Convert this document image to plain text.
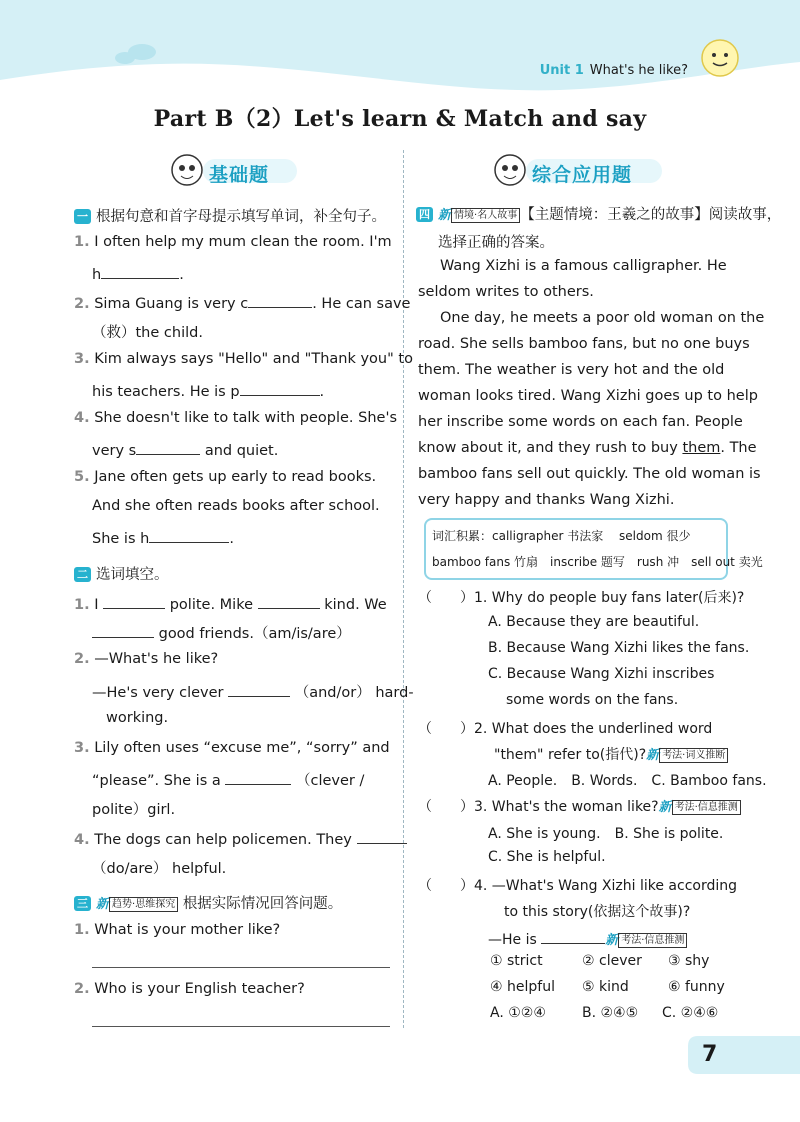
Unit 1 What's he like?
Part B（2）Let's learn & Match and say
基础题
一 根据句意和首字母提示填写单词，补全句子。
1. I often help my mum clean the room. I'm
h	.
2. Sima Guang is very c	. He can save
（救）the child.
3. Kim always says "Hello" and "Thank you" to
his teachers. He is p	.
4. She doesn't like to talk with people. She's
very s	and quiet.
5. Jane often gets up early to read books.
And she often reads books after school.
She is h	.
二 选词填空。
1. I	polite. Mike	kind. We
good friends.（am/is/are）
2. —What's he like?
—He's very clever	（and/or） hard-
working.
3. Lily often uses “excuse me”, “sorry” and
“please”. She is a	（clever /
polite）girl.
4. The dogs can help policemen. They
（do/are） helpful.
三 新 趋势·思维探究 根据实际情况回答问题。
1. What is your mother like?
2. Who is your English teacher?
综合应用题
四 新 情境·名人故事 【主题情境：王羲之的故事】阅读故事，
选择正确的答案。
Wang Xizhi is a famous calligrapher. He
seldom writes to others.
One day, he meets a poor old woman on the
road. She sells bamboo fans, but no one buys
them. The weather is very hot and the old
woman looks tired. Wang Xizhi goes up to help
her inscribe some words on each fan. People
know about it, and they rush to buy them. The
bamboo fans sell out quickly. The old woman is
very happy and thanks Wang Xizhi.
词汇积累：calligrapher 书法家　 seldom 很少
bamboo fans 竹扇　inscribe 题写　rush 冲　sell out 卖光
（　　）1. Why do people buy fans later(后来)?
A. Because they are beautiful.
B. Because Wang Xizhi likes the fans.
C. Because Wang Xizhi inscribes
some words on the fans.
（　　）2. What does the underlined word
"them" refer to(指代)?新 考法·词义推断
A. People.　B. Words.　C. Bamboo fans.
（　　）3. What's the woman like?新 考法·信息推测
A. She is young.　B. She is polite.
C. She is helpful.
（　　）4. —What's Wang Xizhi like according
to this story(依据这个故事)?
—He is	新 考法·信息推测
① strict	② clever ③ shy
④ helpful ⑤ kind	⑥ funny
A. ①②④	B. ②④⑤ C. ②④⑥
7
